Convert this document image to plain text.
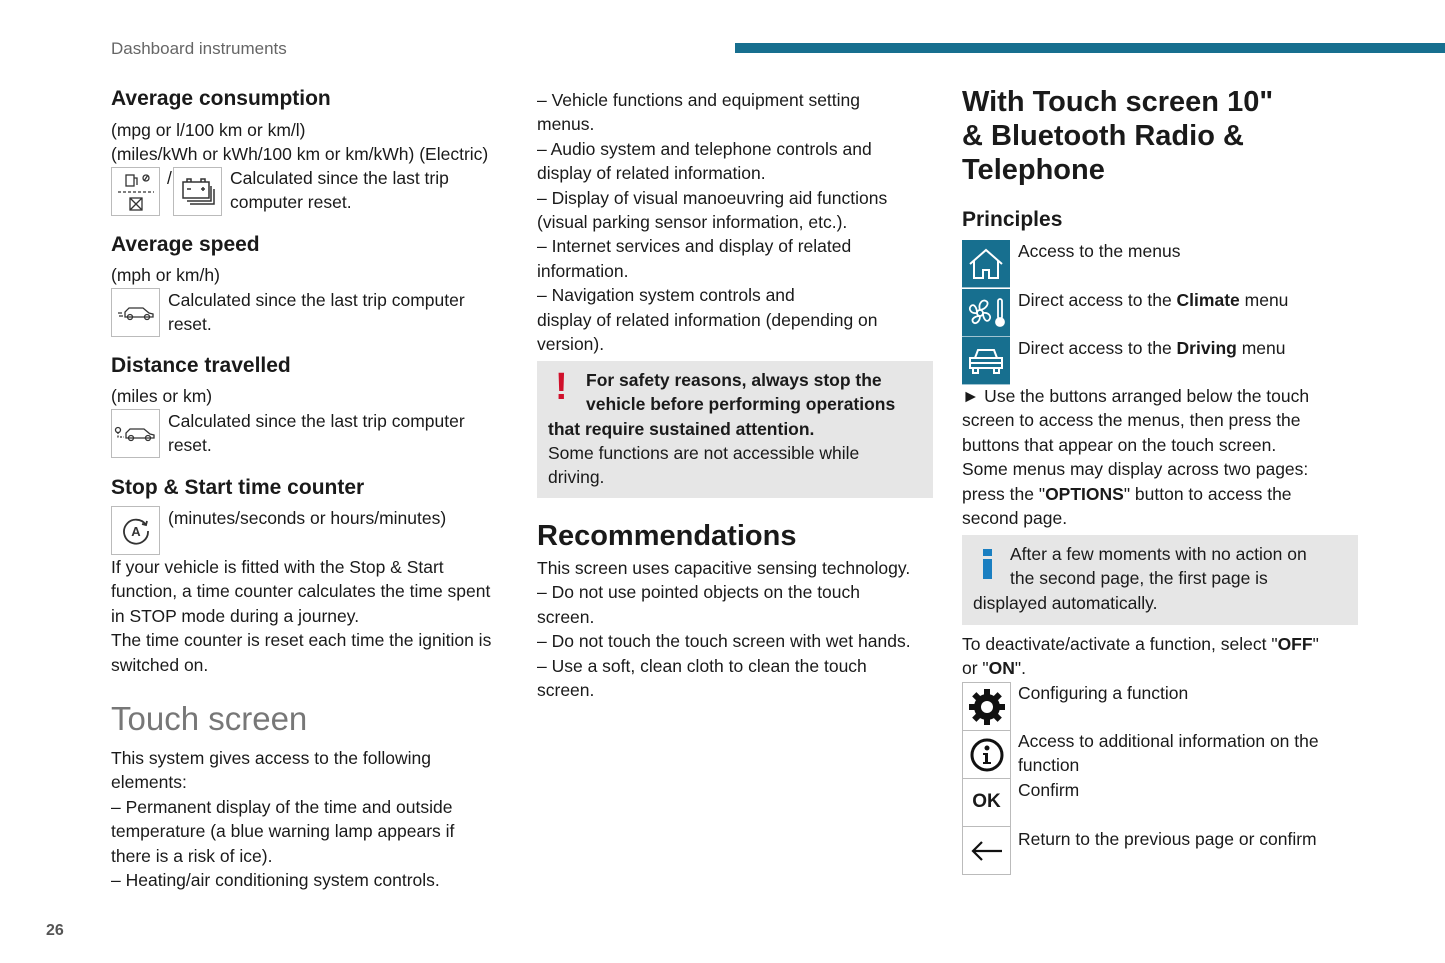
Dashboard instruments
26
Average consumption
(mpg or l/100 km or km/l)
(miles/kWh or kWh/100 km or km/kWh) (Electric)
/	Calculated since the last trip
computer reset.
Average speed
(mph or km/h)
Calculated since the last trip computer
reset.
Distance travelled
(miles or km)
Calculated since the last trip computer
reset.
Stop & Start time counter
A
(minutes/seconds or hours/minutes)
If your vehicle is fitted with the Stop & Start
function, a time counter calculates the time spent
in STOP mode during a journey.
The time counter is reset each time the ignition is
switched on.
Touch screen
This system gives access to the following
elements:
– Permanent display of the time and outside
temperature (a blue warning lamp appears if
there is a risk of ice).
– Heating/air conditioning system controls.
– Vehicle functions and equipment setting
menus.
– Audio system and telephone controls and
display of related information.
– Display of visual manoeuvring aid functions
(visual parking sensor information, etc.).
– Internet services and display of related
information.
– Navigation system controls and
display of related information (depending on
version).
! For safety reasons, always stop the
vehicle before performing operations
that require sustained attention.
Some functions are not accessible while
driving.
Recommendations
This screen uses capacitive sensing technology.
– Do not use pointed objects on the touch
screen.
– Do not touch the touch screen with wet hands.
– Use a soft, clean cloth to clean the touch
screen.
With Touch screen 10"
& Bluetooth Radio &
Telephone
Principles
Access to the menus
Direct access to the Climate menu
Direct access to the Driving menu
► Use the buttons arranged below the touch
screen to access the menus, then press the
buttons that appear on the touch screen.
Some menus may display across two pages:
press the "OPTIONS" button to access the
second page.
After a few moments with no action on
the second page, the first page is
displayed automatically.
To deactivate/activate a function, select "OFF"
or "ON".
OK
Configuring a function
Access to additional information on the function
Confirm
Return to the previous page or confirm
